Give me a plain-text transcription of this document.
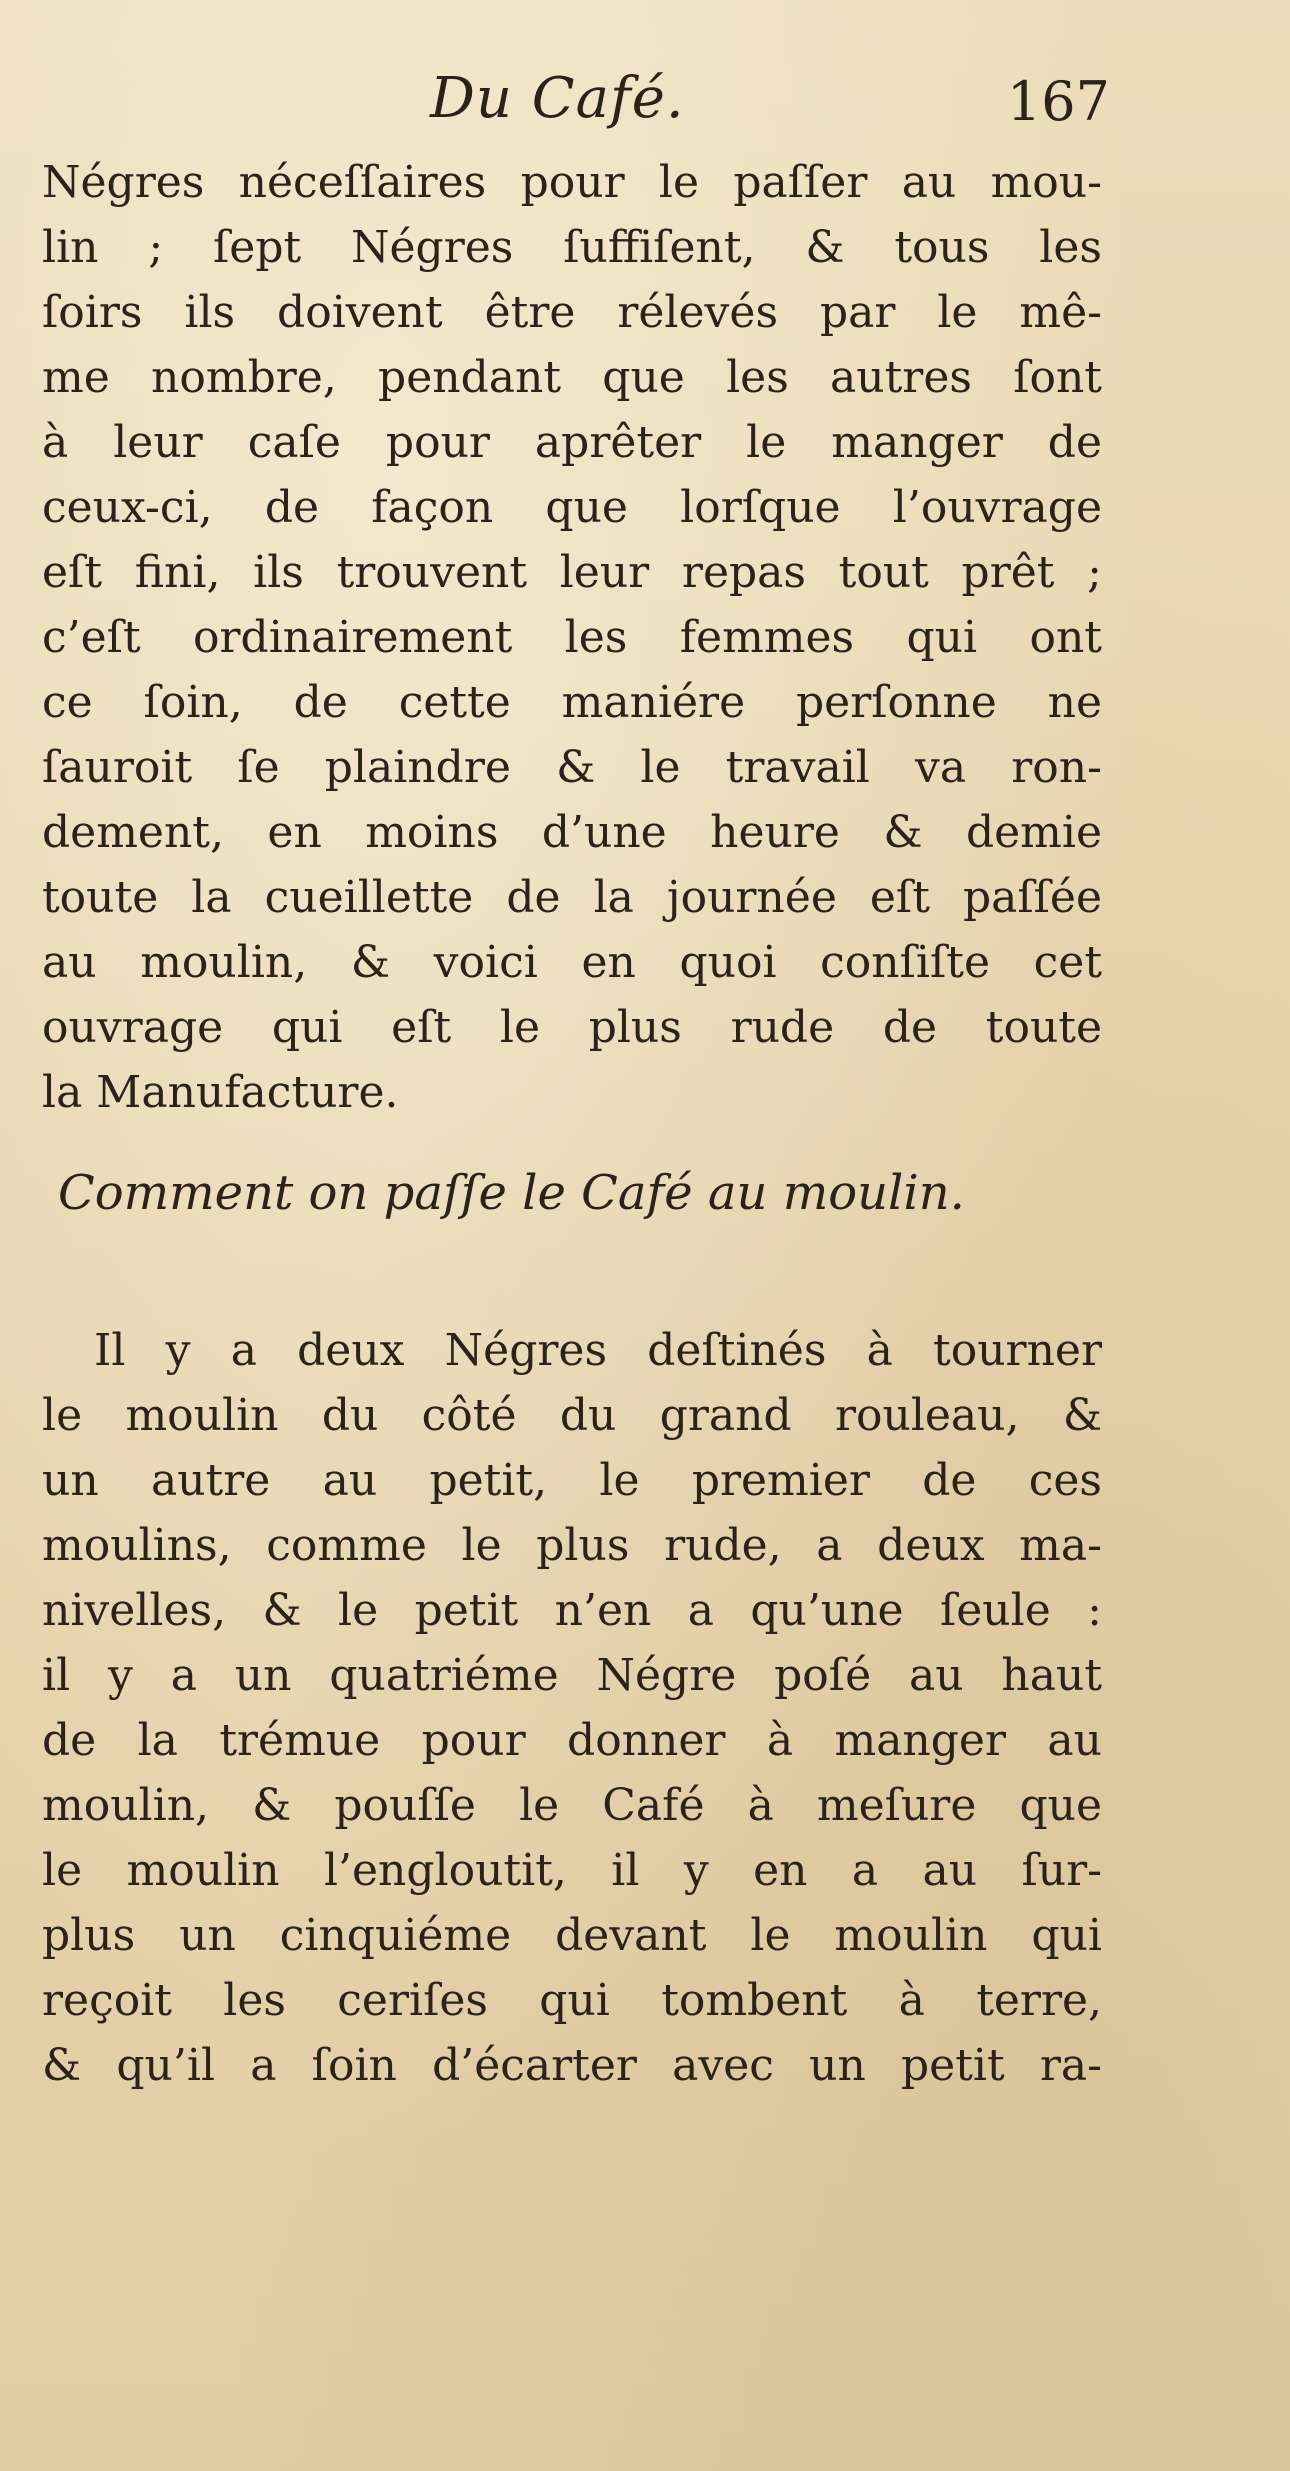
Du Café.	167
Négres néceſſaires pour le paſſer au mou-
lin ; ſept Négres ſuffiſent, & tous les
ſoirs ils doivent être rélevés par le mê-
me nombre, pendant que les autres ſont
à leur caſe pour aprêter le manger de
ceux-ci, de façon que lorſque l’ouvrage
eſt fini, ils trouvent leur repas tout prêt ;
c’eſt ordinairement les femmes qui ont
ce ſoin, de cette maniére perſonne ne
ſauroit ſe plaindre & le travail va ron-
dement, en moins d’une heure & demie
toute la cueillette de la journée eſt paſſée
au moulin, & voici en quoi conſiſte cet
ouvrage qui eſt le plus rude de toute
la Manufacture.
Comment on paſſe le Café au moulin.
Il y a deux Négres deſtinés à tourner
le moulin du côté du grand rouleau, &
un autre au petit, le premier de ces
moulins, comme le plus rude, a deux ma-
nivelles, & le petit n’en a qu’une ſeule :
il y a un quatriéme Négre poſé au haut
de la trémue pour donner à manger au
moulin, & pouſſe le Café à meſure que
le moulin l’engloutit, il y en a au ſur-
plus un cinquiéme devant le moulin qui
reçoit les ceriſes qui tombent à terre,
& qu’il a ſoin d’écarter avec un petit ra-
